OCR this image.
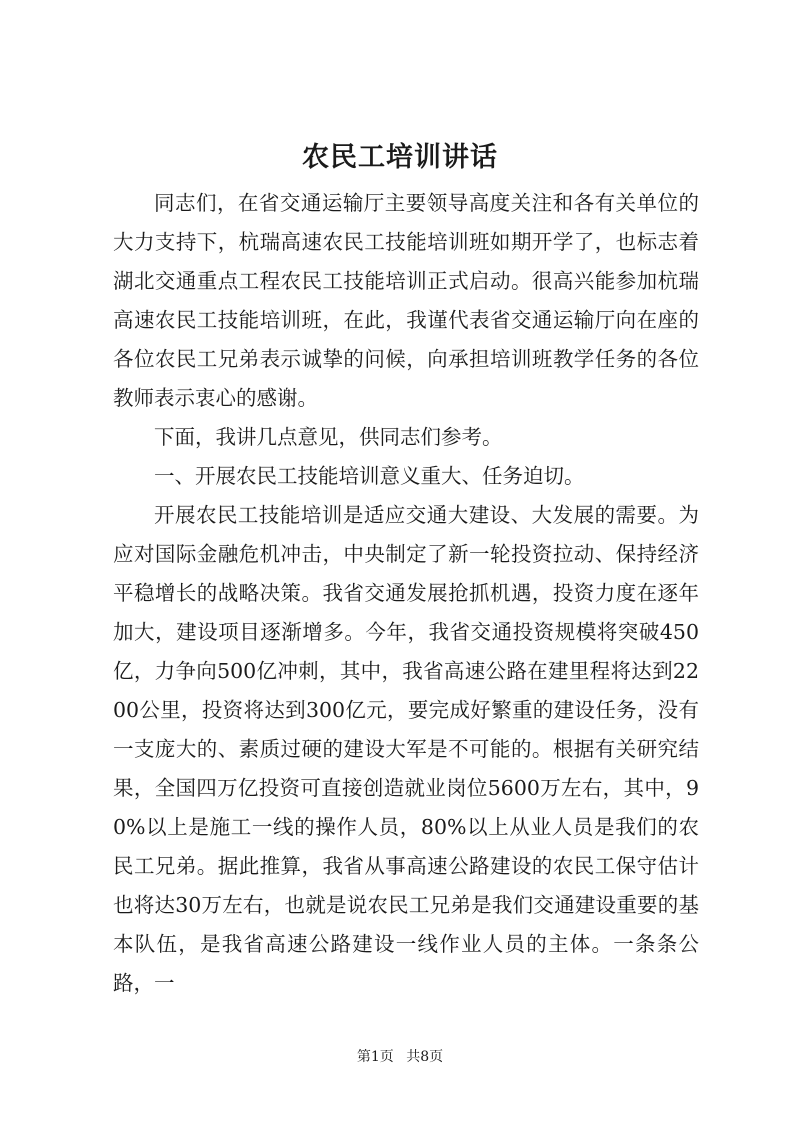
农民工培训讲话

同志们，在省交通运输厅主要领导高度关注和各有关单位的大力支持下，杭瑞高速农民工技能培训班如期开学了，也标志着湖北交通重点工程农民工技能培训正式启动。很高兴能参加杭瑞高速农民工技能培训班，在此，我谨代表省交通运输厅向在座的各位农民工兄弟表示诚挚的问候，向承担培训班教学任务的各位教师表示衷心的感谢。

下面，我讲几点意见，供同志们参考。

一、开展农民工技能培训意义重大、任务迫切。

开展农民工技能培训是适应交通大建设、大发展的需要。为应对国际金融危机冲击，中央制定了新一轮投资拉动、保持经济平稳增长的战略决策。我省交通发展抢抓机遇，投资力度在逐年加大，建设项目逐渐增多。今年，我省交通投资规模将突破450亿，力争向500亿冲刺，其中，我省高速公路在建里程将达到2200公里，投资将达到300亿元，要完成好繁重的建设任务，没有一支庞大的、素质过硬的建设大军是不可能的。根据有关研究结果，全国四万亿投资可直接创造就业岗位5600万左右，其中，90%以上是施工一线的操作人员，80%以上从业人员是我们的农民工兄弟。据此推算，我省从事高速公路建设的农民工保守估计也将达30万左右，也就是说农民工兄弟是我们交通建设重要的基本队伍，是我省高速公路建设一线作业人员的主体。一条条公路，一

第1页 共8页
